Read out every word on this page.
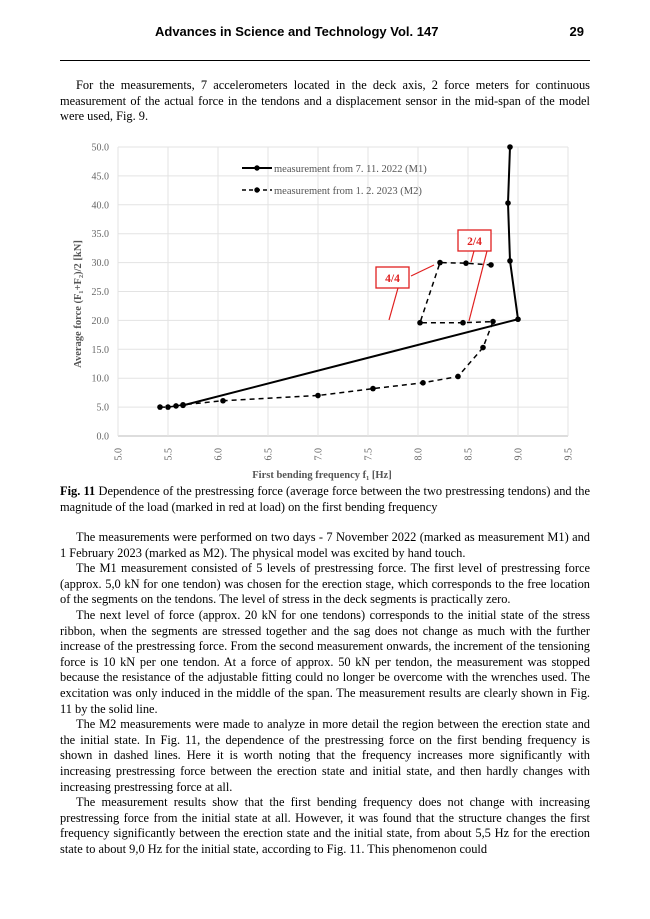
Advances in Science and Technology Vol. 147	29
For the measurements, 7 accelerometers located in the deck axis, 2 force meters for continuous measurement of the actual force in the tendons and a displacement sensor in the mid-span of the model were used, Fig. 9.
0.0
5.0
10.0
15.0
20.0
25.0
30.0
35.0
40.0
45.0
50.0
5.0	5.5	6.0	6.5	7.0	7.5	8.0	8.5	9.0	9.5
Average force (F₁+F₂)/2 [kN]
First bending frequency f₁ [Hz]
measurement from 7. 11. 2022 (M1)
measurement from 1. 2. 2023 (M2)
4/4
2/4
Fig. 11 Dependence of the prestressing force (average force between the two prestressing tendons) and the magnitude of the load (marked in red at load) on the first bending frequency

The measurements were performed on two days - 7 November 2022 (marked as measurement M1) and 1 February 2023 (marked as M2). The physical model was excited by hand touch.

The M1 measurement consisted of 5 levels of prestressing force. The first level of prestressing force (approx. 5,0 kN for one tendon) was chosen for the erection stage, which corresponds to the free location of the segments on the tendons. The level of stress in the deck segments is practically zero.

The next level of force (approx. 20 kN for one tendons) corresponds to the initial state of the stress ribbon, when the segments are stressed together and the sag does not change as much with the further increase of the prestressing force. From the second measurement onwards, the increment of the tensioning force is 10 kN per one tendon. At a force of approx. 50 kN per tendon, the measurement was stopped because the resistance of the adjustable fitting could no longer be overcome with the wrenches used. The excitation was only induced in the middle of the span. The measurement results are clearly shown in Fig. 11 by the solid line.

The M2 measurements were made to analyze in more detail the region between the erection state and the initial state. In Fig. 11, the dependence of the prestressing force on the first bending frequency is shown in dashed lines. Here it is worth noting that the frequency increases more significantly with increasing prestressing force between the erection state and initial state, and then hardly changes with increasing prestressing force at all.

The measurement results show that the first bending frequency does not change with increasing prestressing force from the initial state at all. However, it was found that the structure changes the first frequency significantly between the erection state and the initial state, from about 5,5 Hz for the erection state to about 9,0 Hz for the initial state, according to Fig. 11. This phenomenon could
